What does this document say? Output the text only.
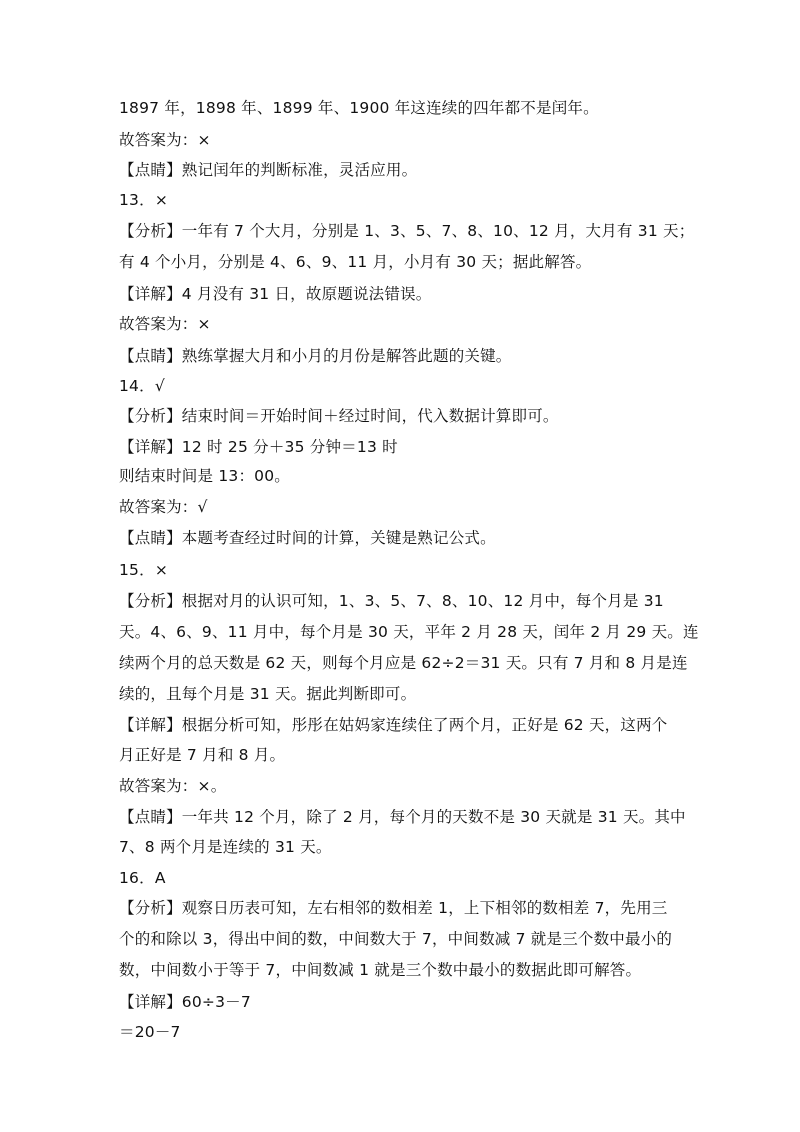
1897 年，1898 年、1899 年、1900 年这连续的四年都不是闰年。
故答案为：×
【点睛】熟记闰年的判断标准，灵活应用。
13．×
【分析】一年有 7 个大月，分别是 1、3、5、7、8、10、12 月，大月有 31 天；
有 4 个小月，分别是 4、6、9、11 月，小月有 30 天；据此解答。
【详解】4 月没有 31 日，故原题说法错误。
故答案为：×
【点睛】熟练掌握大月和小月的月份是解答此题的关键。
14．√
【分析】结束时间＝开始时间＋经过时间，代入数据计算即可。
【详解】12 时 25 分＋35 分钟＝13 时
则结束时间是 13：00。
故答案为：√
【点睛】本题考查经过时间的计算，关键是熟记公式。
15．×
【分析】根据对月的认识可知，1、3、5、7、8、10、12 月中，每个月是 31
天。4、6、9、11 月中，每个月是 30 天，平年 2 月 28 天，闰年 2 月 29 天。连
续两个月的总天数是 62 天，则每个月应是 62÷2＝31 天。只有 7 月和 8 月是连
续的，且每个月是 31 天。据此判断即可。
【详解】根据分析可知，彤彤在姑妈家连续住了两个月，正好是 62 天，这两个
月正好是 7 月和 8 月。
故答案为：×。
【点睛】一年共 12 个月，除了 2 月，每个月的天数不是 30 天就是 31 天。其中
7、8 两个月是连续的 31 天。
16．A
【分析】观察日历表可知，左右相邻的数相差 1，上下相邻的数相差 7，先用三
个的和除以 3，得出中间的数，中间数大于 7，中间数减 7 就是三个数中最小的
数，中间数小于等于 7，中间数减 1 就是三个数中最小的数据此即可解答。
【详解】60÷3－7
＝20－7
